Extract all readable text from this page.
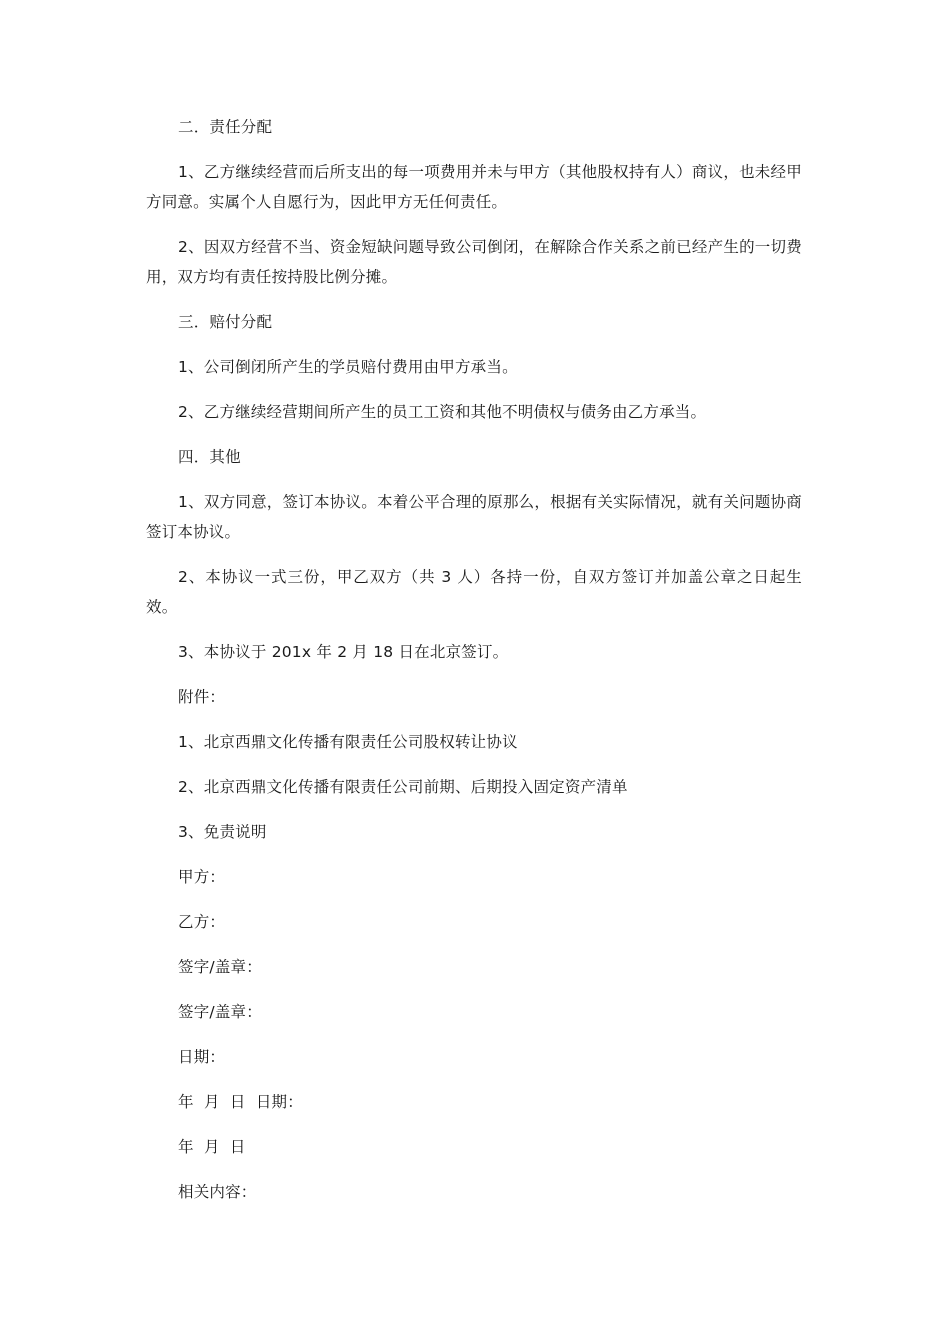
二．责任分配

1、乙方继续经营而后所支出的每一项费用并未与甲方（其他股权持有人）商议，也未经甲方同意。实属个人自愿行为，因此甲方无任何责任。

2、因双方经营不当、资金短缺问题导致公司倒闭，在解除合作关系之前已经产生的一切费用，双方均有责任按持股比例分摊。

三．赔付分配

1、公司倒闭所产生的学员赔付费用由甲方承当。

2、乙方继续经营期间所产生的员工工资和其他不明债权与债务由乙方承当。

四．其他

1、双方同意，签订本协议。本着公平合理的原那么，根据有关实际情况，就有关问题协商签订本协议。

2、本协议一式三份，甲乙双方（共 3 人）各持一份，自双方签订并加盖公章之日起生效。

3、本协议于 201x 年 2 月 18 日在北京签订。

附件：

1、北京西鼎文化传播有限责任公司股权转让协议

2、北京西鼎文化传播有限责任公司前期、后期投入固定资产清单

3、免责说明

甲方：

乙方：

签字/盖章：

签字/盖章：

日期：

年  月  日  日期：

年  月  日

相关内容：
